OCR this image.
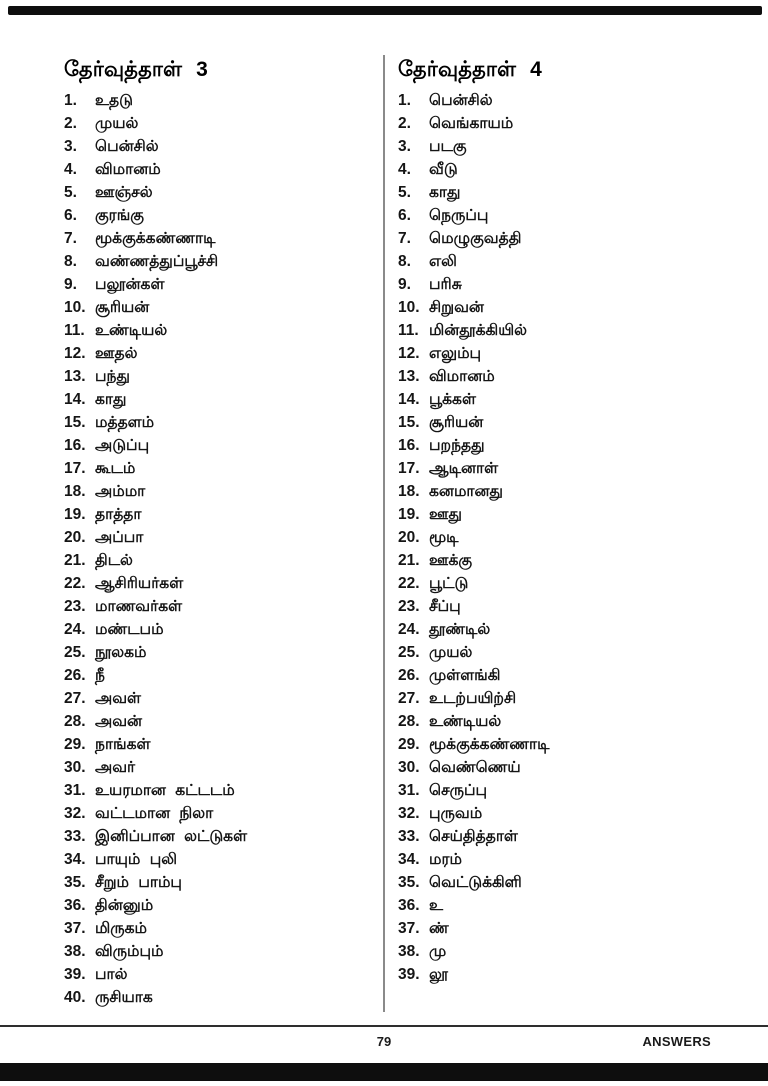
தேர்வுத்தாள் 3
1.	உதடு
2.	முயல்
3.	பென்சில்
4.	விமானம்
5.	ஊஞ்சல்
6.	குரங்கு
7.	மூக்குக்கண்ணாடி
8.	வண்ணத்துப்பூச்சி
9.	பலூன்கள்
10. சூரியன்
11. உண்டியல்
12. ஊதல்
13. பந்து
14. காது
15. மத்தளம்
16. அடுப்பு
17. கூடம்
18. அம்மா
19. தாத்தா
20. அப்பா
21. திடல்
22. ஆசிரியர்கள்
23. மாணவர்கள்
24. மண்டபம்
25. நூலகம்
26. நீ
27. அவள்
28. அவன்
29. நாங்கள்
30. அவர்
31. உயரமான கட்டடம்
32. வட்டமான நிலா
33. இனிப்பான லட்டுகள்
34. பாயும் புலி
35. சீறும் பாம்பு
36. தின்னும்
37. மிருகம்
38. விரும்பும்
39. பால்
40. ருசியாக
தேர்வுத்தாள் 4
1.	பென்சில்
2.	வெங்காயம்
3.	படகு
4.	வீடு
5.	காது
6.	நெருப்பு
7.	மெழுகுவத்தி
8.	எலி
9.	பரிசு
10. சிறுவன்
11. மின்தூக்கியில்
12. எலும்பு
13. விமானம்
14. பூக்கள்
15. சூரியன்
16. பறந்தது
17. ஆடினாள்
18. கனமானது
19. ஊது
20. மூடி
21. ஊக்கு
22. பூட்டு
23. சீப்பு
24. தூண்டில்
25. முயல்
26. முள்ளங்கி
27. உடற்பயிற்சி
28. உண்டியல்
29. மூக்குக்கண்ணாடி
30. வெண்ணெய்
31. செருப்பு
32. புருவம்
33. செய்தித்தாள்
34. மரம்
35. வெட்டுக்கிளி
36. உ
37. ண்
38. மு
39. லூ
79	ANSWERS
